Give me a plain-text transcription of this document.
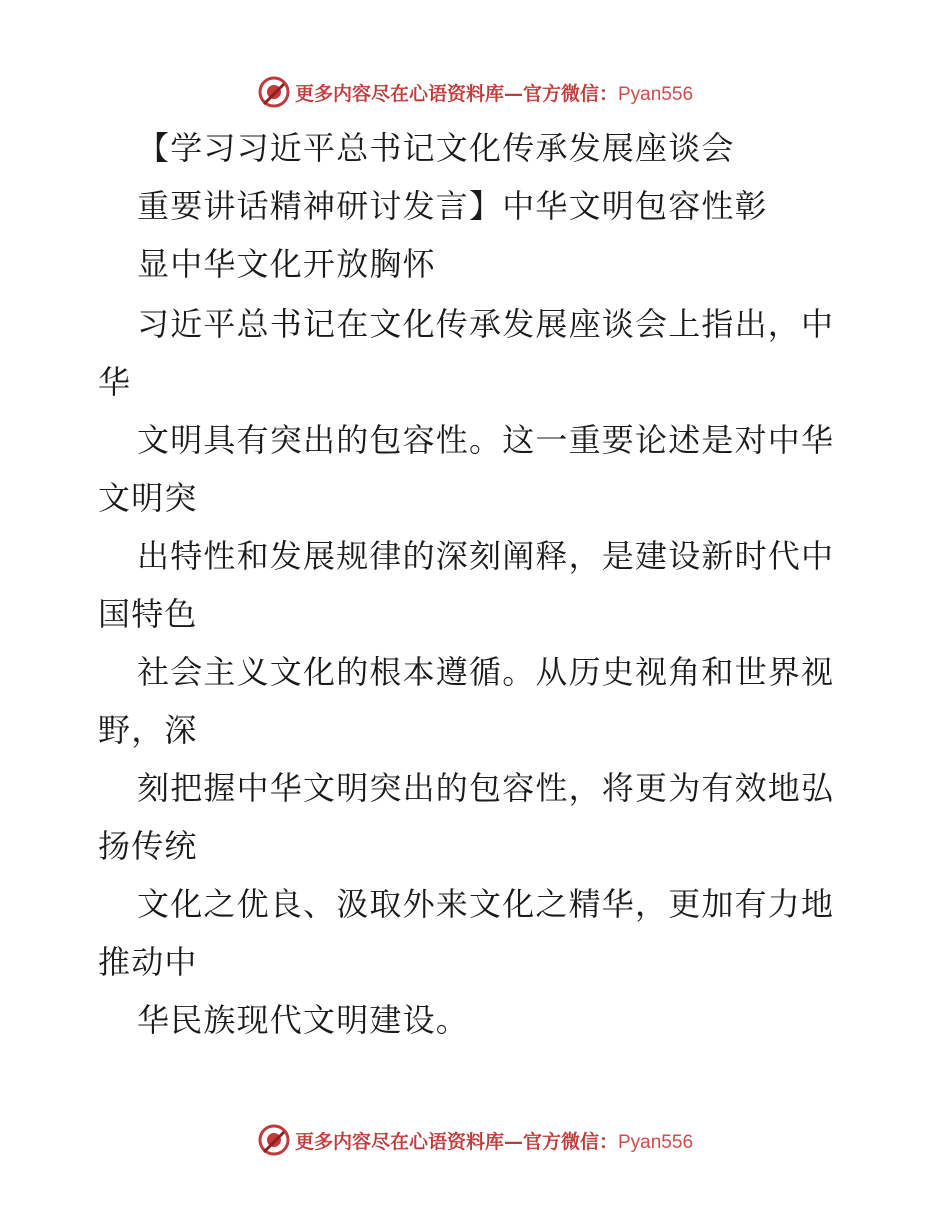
更多内容尽在心语资料库—官方微信：Pyan556
【学习习近平总书记文化传承发展座谈会
重要讲话精神研讨发言】中华文明包容性彰
显中华文化开放胸怀
习近平总书记在文化传承发展座谈会上指出，中
华
文明具有突出的包容性。这一重要论述是对中华
文明突
出特性和发展规律的深刻阐释，是建设新时代中
国特色
社会主义文化的根本遵循。从历史视角和世界视
野，深
刻把握中华文明突出的包容性，将更为有效地弘
扬传统
文化之优良、汲取外来文化之精华，更加有力地
推动中
华民族现代文明建设。
更多内容尽在心语资料库—官方微信：Pyan556
